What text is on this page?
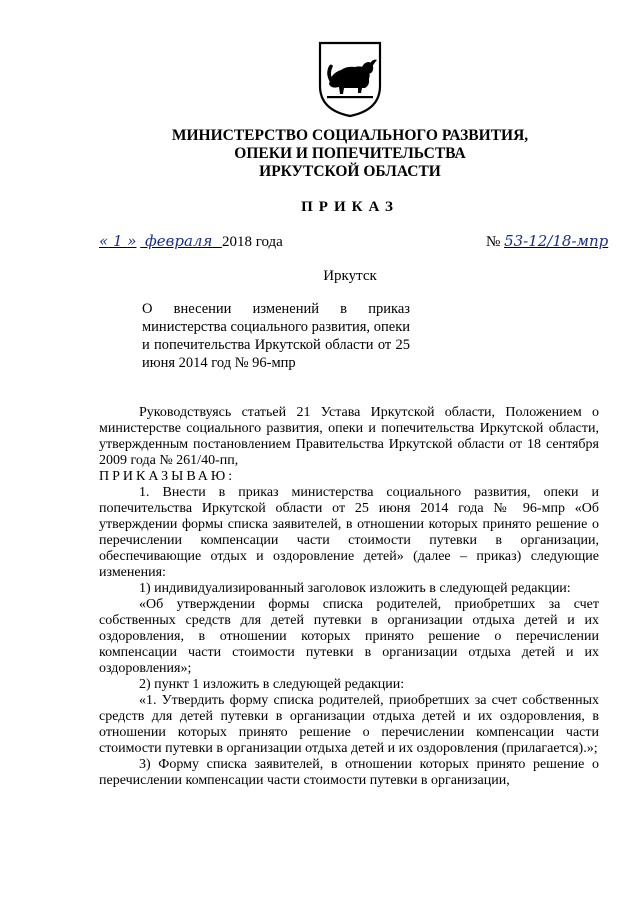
МИНИСТЕРСТВО СОЦИАЛЬНОГО РАЗВИТИЯ,
ОПЕКИ И ПОПЕЧИТЕЛЬСТВА
ИРКУТСКОЙ ОБЛАСТИ
ПРИКАЗ
« 1 » февраля 2018 года	№ 53-12/18-мпр
Иркутск
О внесении изменений в приказ министерства социального развития, опеки и попечительства Иркутской области от 25 июня 2014 год № 96-мпр

Руководствуясь статьей 21 Устава Иркутской области, Положением о министерстве социального развития, опеки и попечительства Иркутской области, утвержденным постановлением Правительства Иркутской области от 18 сентября 2009 года № 261/40-пп,

ПРИКАЗЫВАЮ:

1. Внести в приказ министерства социального развития, опеки и попечительства Иркутской области от 25 июня 2014 года № 96-мпр «Об утверждении формы списка заявителей, в отношении которых принято решение о перечислении компенсации части стоимости путевки в организации, обеспечивающие отдых и оздоровление детей» (далее – приказ) следующие изменения:

1) индивидуализированный заголовок изложить в следующей редакции:

«Об утверждении формы списка родителей, приобретших за счет собственных средств для детей путевки в организации отдыха детей и их оздоровления, в отношении которых принято решение о перечислении компенсации части стоимости путевки в организации отдыха детей и их оздоровления»;

2) пункт 1 изложить в следующей редакции:

«1. Утвердить форму списка родителей, приобретших за счет собственных средств для детей путевки в организации отдыха детей и их оздоровления, в отношении которых принято решение о перечислении компенсации части стоимости путевки в организации отдыха детей и их оздоровления (прилагается).»;

3) Форму списка заявителей, в отношении которых принято решение о перечислении компенсации части стоимости путевки в организации,
